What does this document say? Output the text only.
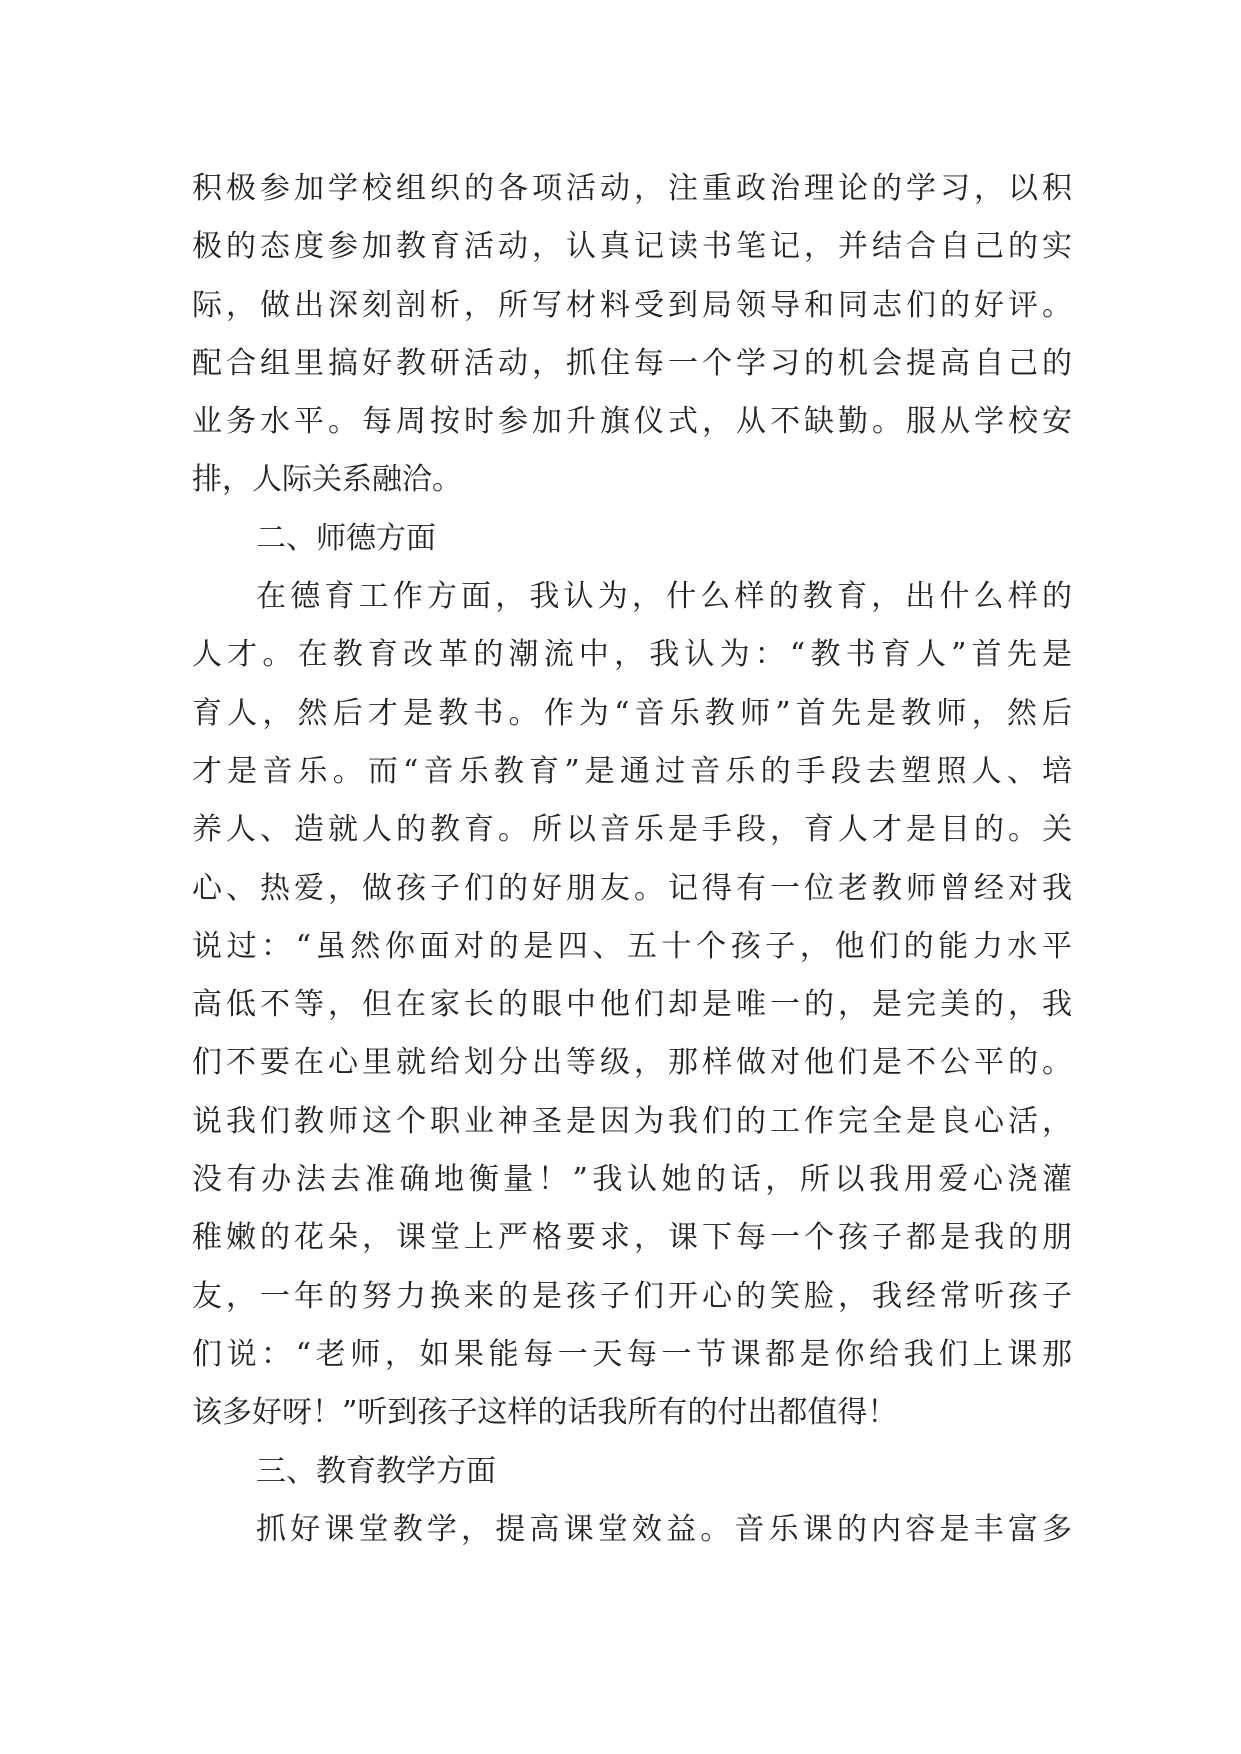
积极参加学校组织的各项活动，注重政治理论的学习，以积
极的态度参加教育活动，认真记读书笔记，并结合自己的实
际，做出深刻剖析，所写材料受到局领导和同志们的好评。
配合组里搞好教研活动，抓住每一个学习的机会提高自己的
业务水平。每周按时参加升旗仪式，从不缺勤。服从学校安
排，人际关系融洽。
二、师德方面
在德育工作方面，我认为，什么样的教育，出什么样的
人才。在教育改革的潮流中，我认为：“教书育人”首先是
育人，然后才是教书。作为“音乐教师”首先是教师，然后
才是音乐。而“音乐教育”是通过音乐的手段去塑照人、培
养人、造就人的教育。所以音乐是手段，育人才是目的。关
心、热爱，做孩子们的好朋友。记得有一位老教师曾经对我
说过：“虽然你面对的是四、五十个孩子，他们的能力水平
高低不等，但在家长的眼中他们却是唯一的，是完美的，我
们不要在心里就给划分出等级，那样做对他们是不公平的。
说我们教师这个职业神圣是因为我们的工作完全是良心活，
没有办法去准确地衡量！”我认她的话，所以我用爱心浇灌
稚嫩的花朵，课堂上严格要求，课下每一个孩子都是我的朋
友，一年的努力换来的是孩子们开心的笑脸，我经常听孩子
们说：“老师，如果能每一天每一节课都是你给我们上课那
该多好呀！”听到孩子这样的话我所有的付出都值得！
三、教育教学方面
抓好课堂教学，提高课堂效益。音乐课的内容是丰富多
